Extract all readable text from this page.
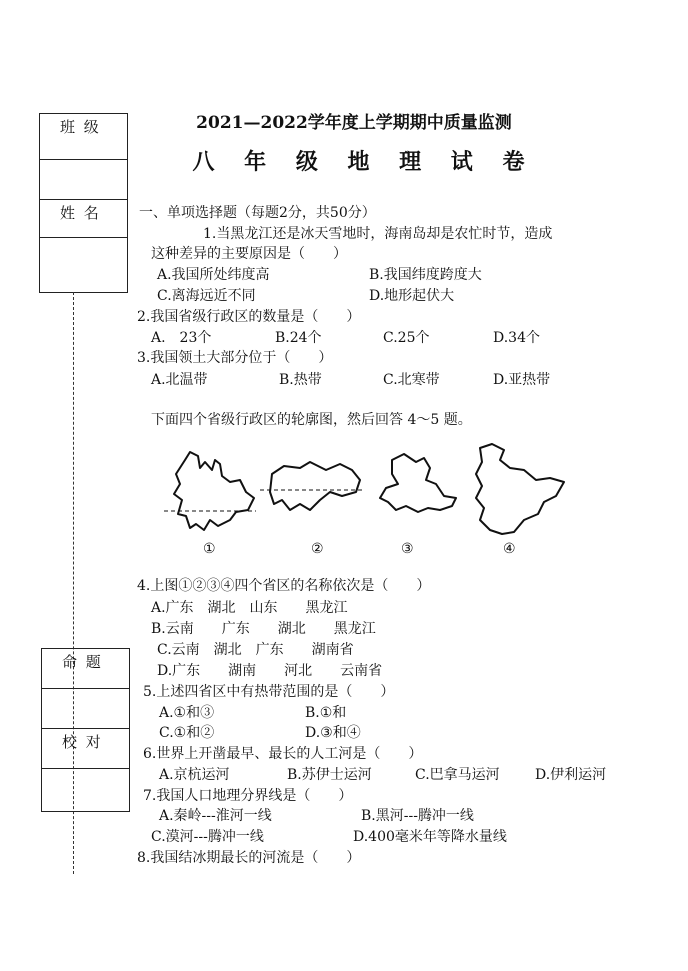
班 级
姓 名
命 题
校 对
2021—2022学年度上学期期中质量监测
八 年 级 地 理 试 卷
一、单项选择题（每题2分，共50分）
1.当黑龙江还是冰天雪地时，海南岛却是农忙时节，造成
这种差异的主要原因是（　　）
A.我国所处纬度高	B.我国纬度跨度大
C.离海远近不同	D.地形起伏大
2.我国省级行政区的数量是（　　）
A.　23个	B.24个	C.25个	D.34个
3.我国领土大部分位于（　　）
A.北温带	B.热带	C.北寒带	D.亚热带
下面四个省级行政区的轮廓图，然后回答 4～5 题。
①	②	③	④
4.上图①②③④四个省区的名称依次是（　　）
A.广东　湖北　山东　　黑龙江
B.云南　　广东　　湖北　　黑龙江
C.云南　湖北　广东　　湖南省
D.广东　　湖南　　河北　　云南省
5.上述四省区中有热带范围的是（　　）
A.①和③	B.①和
C.①和②	D.③和④
6.世界上开凿最早、最长的人工河是（　　）
A.京杭运河	B.苏伊士运河	C.巴拿马运河	D.伊利运河
7.我国人口地理分界线是（　　）
A.秦岭---淮河一线	B.黑河---腾冲一线
C.漠河---腾冲一线	D.400毫米年等降水量线
8.我国结冰期最长的河流是（　　）
